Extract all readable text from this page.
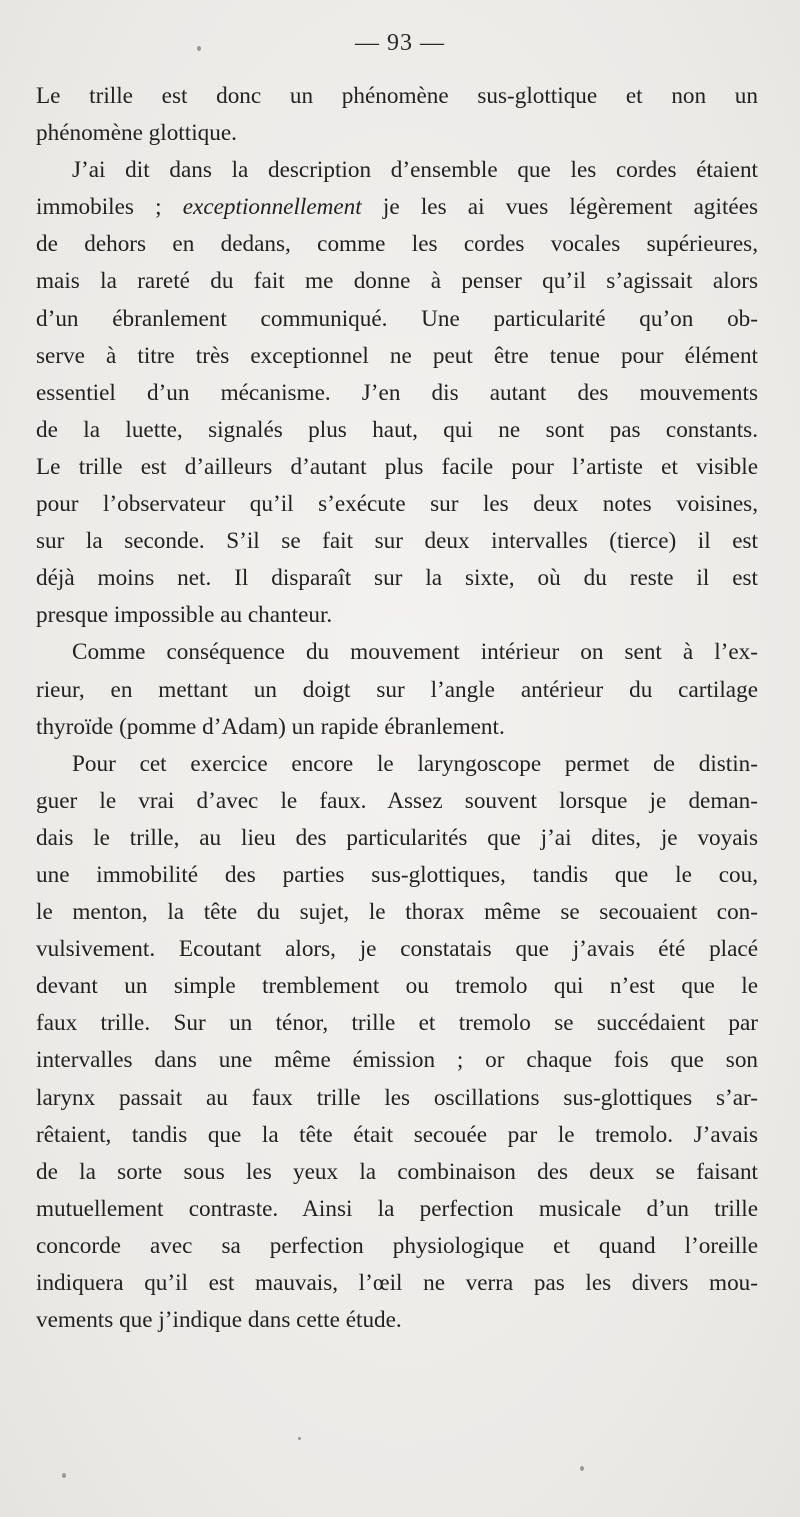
— 93 —
Le trille est donc un phénomène sus-glottique et non un
phénomène glottique.
J’ai dit dans la description d’ensemble que les cordes étaient
immobiles ; exceptionnellement je les ai vues légèrement agitées
de dehors en dedans, comme les cordes vocales supérieures,
mais la rareté du fait me donne à penser qu’il s’agissait alors
d’un ébranlement communiqué. Une particularité qu’on ob-
serve à titre très exceptionnel ne peut être tenue pour élément
essentiel d’un mécanisme. J’en dis autant des mouvements
de la luette, signalés plus haut, qui ne sont pas constants.
Le trille est d’ailleurs d’autant plus facile pour l’artiste et visible
pour l’observateur qu’il s’exécute sur les deux notes voisines,
sur la seconde. S’il se fait sur deux intervalles (tierce) il est
déjà moins net. Il disparaît sur la sixte, où du reste il est
presque impossible au chanteur.
Comme conséquence du mouvement intérieur on sent à l’ex-
rieur, en mettant un doigt sur l’angle antérieur du cartilage
thyroïde (pomme d’Adam) un rapide ébranlement.
Pour cet exercice encore le laryngoscope permet de distin-
guer le vrai d’avec le faux. Assez souvent lorsque je deman-
dais le trille, au lieu des particularités que j’ai dites, je voyais
une immobilité des parties sus-glottiques, tandis que le cou,
le menton, la tête du sujet, le thorax même se secouaient con-
vulsivement. Ecoutant alors, je constatais que j’avais été placé
devant un simple tremblement ou tremolo qui n’est que le
faux trille. Sur un ténor, trille et tremolo se succédaient par
intervalles dans une même émission ; or chaque fois que son
larynx passait au faux trille les oscillations sus-glottiques s’ar-
rêtaient, tandis que la tête était secouée par le tremolo. J’avais
de la sorte sous les yeux la combinaison des deux se faisant
mutuellement contraste. Ainsi la perfection musicale d’un trille
concorde avec sa perfection physiologique et quand l’oreille
indiquera qu’il est mauvais, l’œil ne verra pas les divers mou-
vements que j’indique dans cette étude.
